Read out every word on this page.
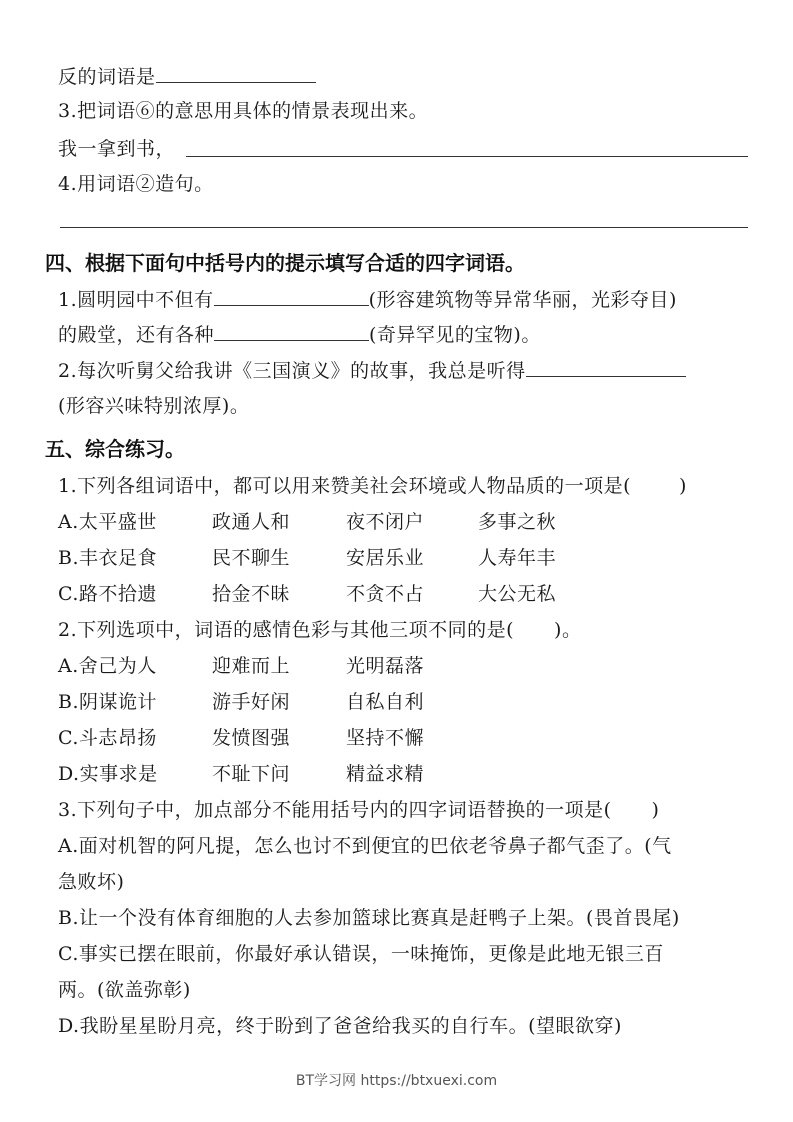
反的词语是
3.把词语⑥的意思用具体的情景表现出来。
我一拿到书，
4.用词语②造句。
四、根据下面句中括号内的提示填写合适的四字词语。
1.圆明园中不但有	(形容建筑物等异常华丽，光彩夺目)
的殿堂，还有各种	(奇异罕见的宝物)。
2.每次听舅父给我讲《三国演义》的故事，我总是听得
(形容兴味特别浓厚)。
五、综合练习。
1.下列各组词语中，都可以用来赞美社会环境或人物品质的一项是(	)
A.太平盛世	政通人和	夜不闭户	多事之秋
B.丰衣足食	民不聊生	安居乐业	人寿年丰
C.路不拾遗	拾金不昧	不贪不占	大公无私
2.下列选项中，词语的感情色彩与其他三项不同的是( )。
A.舍己为人	迎难而上	光明磊落
B.阴谋诡计	游手好闲	自私自利
C.斗志昂扬	发愤图强	坚持不懈
D.实事求是	不耻下问	精益求精
3.下列句子中，加点部分不能用括号内的四字词语替换的一项是( )
A.面对机智的阿凡提，怎么也讨不到便宜的巴依老爷鼻子都气歪了。(气
急败坏)
B.让一个没有体育细胞的人去参加篮球比赛真是赶鸭子上架。(畏首畏尾)
C.事实已摆在眼前，你最好承认错误，一味掩饰，更像是此地无银三百
两。(欲盖弥彰)
D.我盼星星盼月亮，终于盼到了爸爸给我买的自行车。(望眼欲穿)
BT学习网 https://btxuexi.com
